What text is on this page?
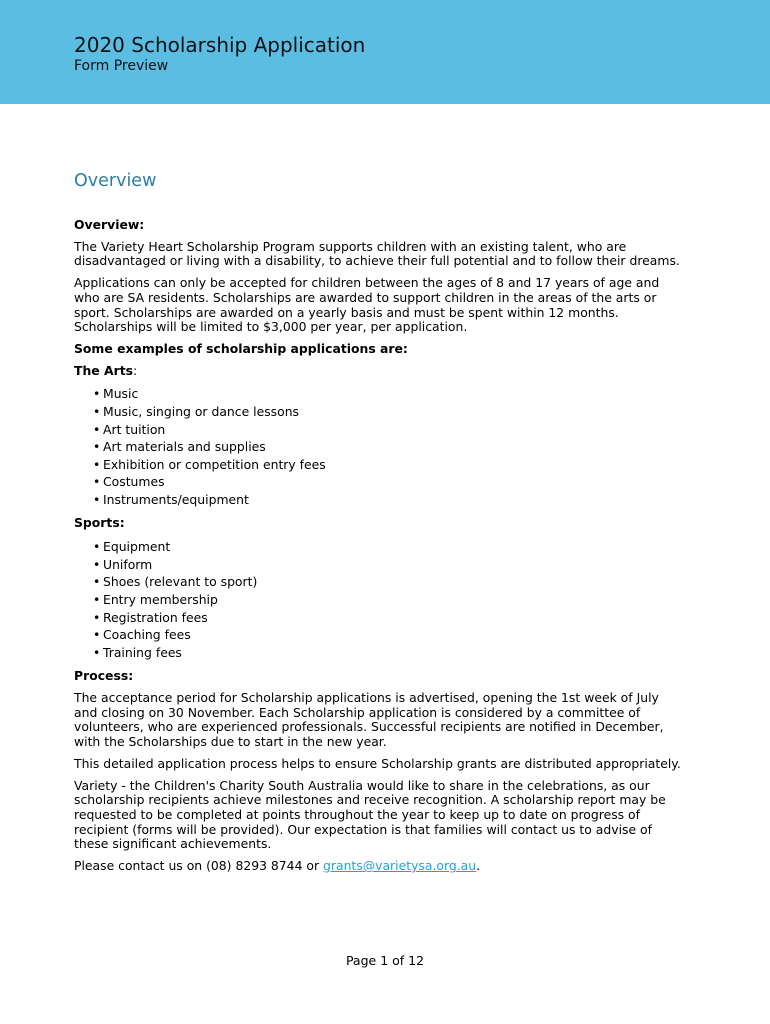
2020 Scholarship Application
Form Preview
Overview
Overview:

The Variety Heart Scholarship Program supports children with an existing talent, who are disadvantaged or living with a disability, to achieve their full potential and to follow their dreams.

Applications can only be accepted for children between the ages of 8 and 17 years of age and who are SA residents. Scholarships are awarded to support children in the areas of the arts or sport. Scholarships are awarded on a yearly basis and must be spent within 12 months. Scholarships will be limited to $3,000 per year, per application.

Some examples of scholarship applications are:
The Arts:
• Music
• Music, singing or dance lessons
• Art tuition
• Art materials and supplies
• Exhibition or competition entry fees
• Costumes
• Instruments/equipment
Sports:
• Equipment
• Uniform
• Shoes (relevant to sport)
• Entry membership
• Registration fees
• Coaching fees
• Training fees
Process:

The acceptance period for Scholarship applications is advertised, opening the 1st week of July and closing on 30 November. Each Scholarship application is considered by a committee of volunteers, who are experienced professionals. Successful recipients are notified in December, with the Scholarships due to start in the new year.

This detailed application process helps to ensure Scholarship grants are distributed appropriately.

Variety - the Children's Charity South Australia would like to share in the celebrations, as our scholarship recipients achieve milestones and receive recognition. A scholarship report may be requested to be completed at points throughout the year to keep up to date on progress of recipient (forms will be provided). Our expectation is that families will contact us to advise of these significant achievements.

Please contact us on (08) 8293 8744 or grants@varietysa.org.au.

Page 1 of 12
